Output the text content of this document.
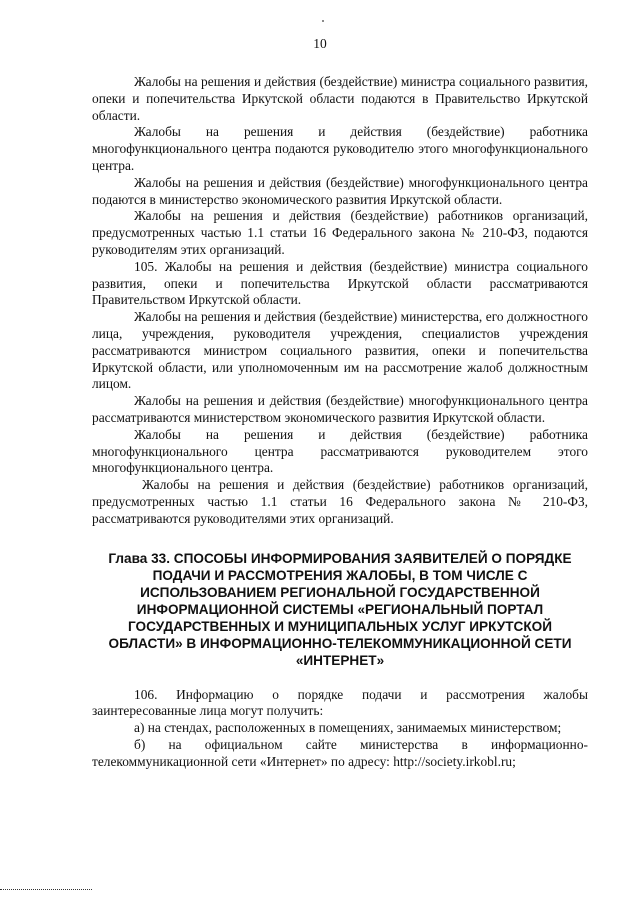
10

Жалобы на решения и действия (бездействие) министра социального развития, опеки и попечительства Иркутской области подаются в Правительство Иркутской области.

Жалобы на решения и действия (бездействие) работника многофункционального центра подаются руководителю этого многофункционального центра.

Жалобы на решения и действия (бездействие) многофункционального центра подаются в министерство экономического развития Иркутской области.

Жалобы на решения и действия (бездействие) работников организаций, предусмотренных частью 1.1 статьи 16 Федерального закона № 210-ФЗ, подаются руководителям этих организаций.

105. Жалобы на решения и действия (бездействие) министра социального развития, опеки и попечительства Иркутской области рассматриваются Правительством Иркутской области.

Жалобы на решения и действия (бездействие) министерства, его должностного лица, учреждения, руководителя учреждения, специалистов учреждения рассматриваются министром социального развития, опеки и попечительства Иркутской области, или уполномоченным им на рассмотрение жалоб должностным лицом.

Жалобы на решения и действия (бездействие) многофункционального центра рассматриваются министерством экономического развития Иркутской области.

Жалобы на решения и действия (бездействие) работника многофункционального центра рассматриваются руководителем этого многофункционального центра.

Жалобы на решения и действия (бездействие) работников организаций, предусмотренных частью 1.1 статьи 16 Федерального закона № 210-ФЗ, рассматриваются руководителями этих организаций.

Глава 33. СПОСОБЫ ИНФОРМИРОВАНИЯ ЗАЯВИТЕЛЕЙ О ПОРЯДКЕ ПОДАЧИ И РАССМОТРЕНИЯ ЖАЛОБЫ, В ТОМ ЧИСЛЕ С ИСПОЛЬЗОВАНИЕМ РЕГИОНАЛЬНОЙ ГОСУДАРСТВЕННОЙ ИНФОРМАЦИОННОЙ СИСТЕМЫ «РЕГИОНАЛЬНЫЙ ПОРТАЛ ГОСУДАРСТВЕННЫХ И МУНИЦИПАЛЬНЫХ УСЛУГ ИРКУТСКОЙ ОБЛАСТИ» В ИНФОРМАЦИОННО-ТЕЛЕКОММУНИКАЦИОННОЙ СЕТИ «ИНТЕРНЕТ»

106. Информацию о порядке подачи и рассмотрения жалобы заинтересованные лица могут получить:

а) на стендах, расположенных в помещениях, занимаемых министерством;

б) на официальном сайте министерства в информационно-телекоммуникационной сети «Интернет» по адресу: http://society.irkobl.ru;
